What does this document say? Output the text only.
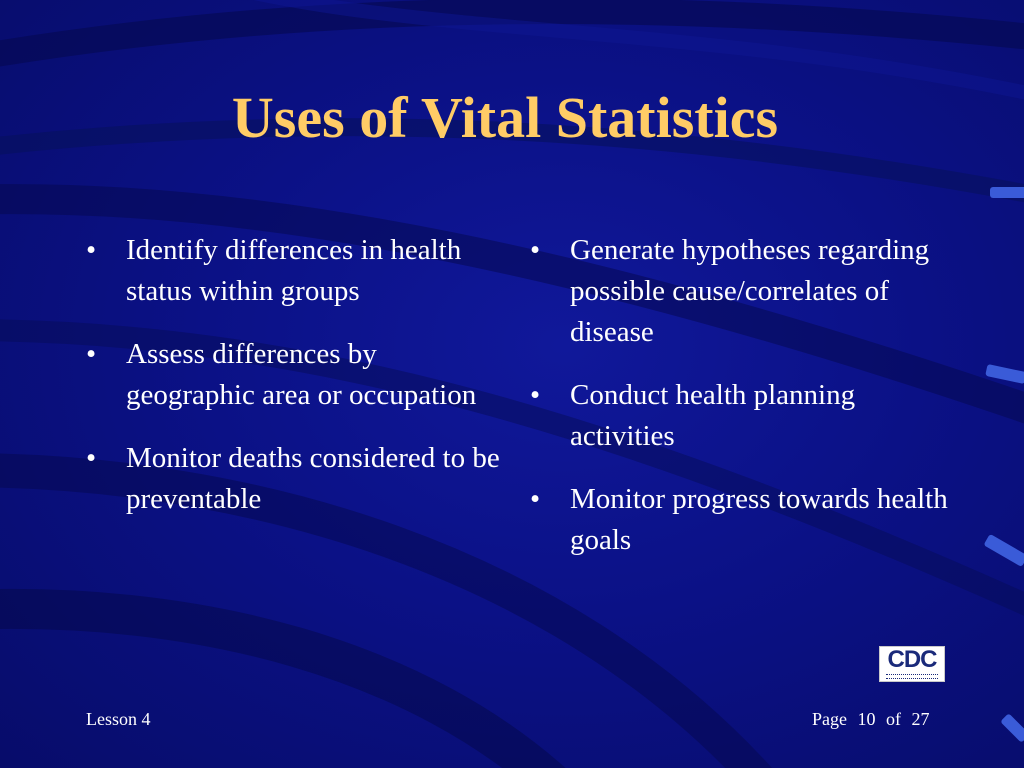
Uses of Vital Statistics
• Identify differences in health status within groups
• Assess differences by geographic area or occupation
• Monitor deaths considered to be preventable
• Generate hypotheses regarding possible cause/correlates of disease
• Conduct health planning activities
• Monitor progress towards health goals
CDC
Lesson 4	Page 10 of 27
